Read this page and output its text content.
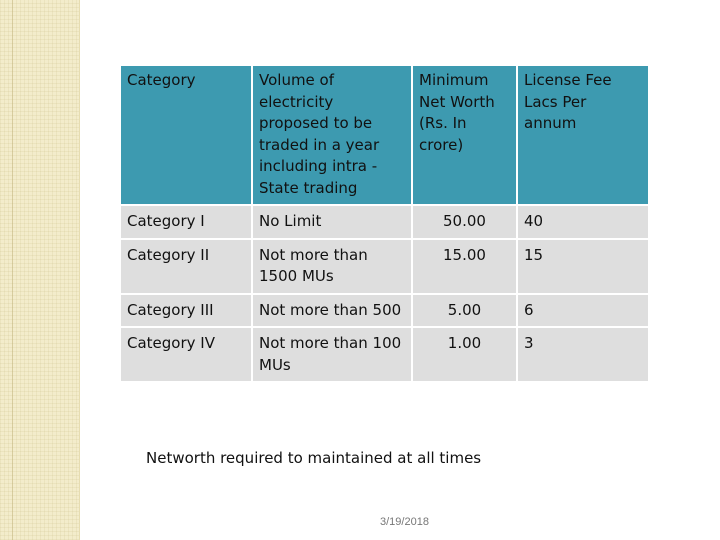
Category	Volume of electricity proposed to be traded in a year including intra - State trading	Minimum Net Worth (Rs. In crore)	License Fee Lacs Per annum
Category I	No Limit	50.00	40
Category II	Not more than 1500 MUs	15.00	15
Category III	Not more than 500	5.00	6
Category IV	Not more than 100 MUs	1.00	3
Networth required to maintained at all times
3/19/2018
